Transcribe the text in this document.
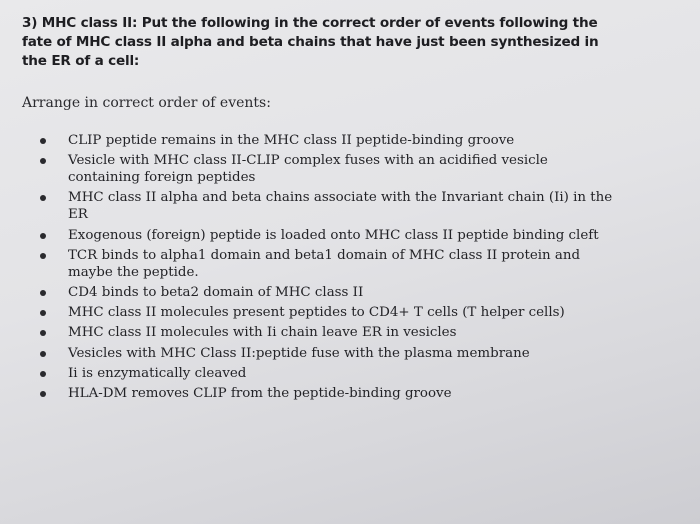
3) MHC class II: Put the following in the correct order of events following the
fate of MHC class II alpha and beta chains that have just been synthesized in
the ER of a cell:
Arrange in correct order of events:
CLIP peptide remains in the MHC class II peptide-binding groove
Vesicle with MHC class II-CLIP complex fuses with an acidified vesicle containing foreign peptides
MHC class II alpha and beta chains associate with the Invariant chain (Ii) in the ER
Exogenous (foreign) peptide is loaded onto MHC class II peptide binding cleft
TCR binds to alpha1 domain and beta1 domain of MHC class II protein and maybe the peptide.
CD4 binds to beta2 domain of MHC class II
MHC class II molecules present peptides to CD4+ T cells (T helper cells)
MHC class II molecules with Ii chain leave ER in vesicles
Vesicles with MHC Class II:peptide fuse with the plasma membrane
Ii is enzymatically cleaved
HLA-DM removes CLIP from the peptide-binding groove
